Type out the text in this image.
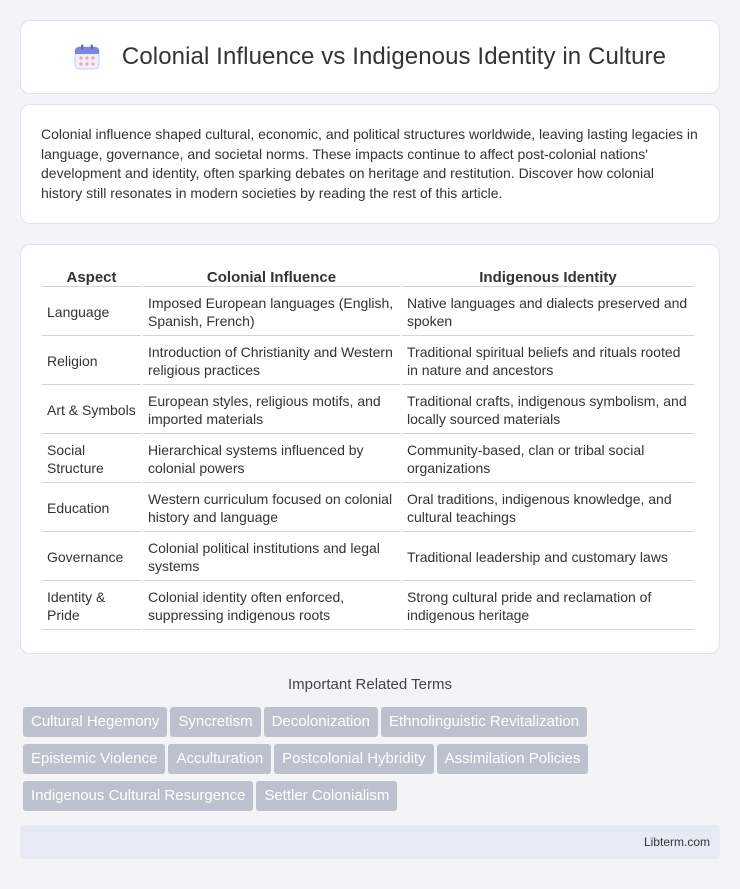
Colonial Influence vs Indigenous Identity in Culture

Colonial influence shaped cultural, economic, and political structures worldwide, leaving lasting legacies in language, governance, and societal norms. These impacts continue to affect post-colonial nations' development and identity, often sparking debates on heritage and restitution. Discover how colonial history still resonates in modern societies by reading the rest of this article.

Aspect	Colonial Influence	Indigenous Identity
Language	Imposed European languages (English, Spanish, French)	Native languages and dialects preserved and spoken
Religion	Introduction of Christianity and Western religious practices	Traditional spiritual beliefs and rituals rooted in nature and ancestors
Art & Symbols	European styles, religious motifs, and imported materials	Traditional crafts, indigenous symbolism, and locally sourced materials
Social Structure	Hierarchical systems influenced by colonial powers	Community-based, clan or tribal social organizations
Education	Western curriculum focused on colonial history and language	Oral traditions, indigenous knowledge, and cultural teachings
Governance	Colonial political institutions and legal systems	Traditional leadership and customary laws
Identity & Pride	Colonial identity often enforced, suppressing indigenous roots	Strong cultural pride and reclamation of indigenous heritage
Important Related Terms
Cultural Hegemony Syncretism Decolonization Ethnolinguistic Revitalization
Epistemic Violence Acculturation Postcolonial Hybridity Assimilation Policies
Indigenous Cultural Resurgence Settler Colonialism
Libterm.com
